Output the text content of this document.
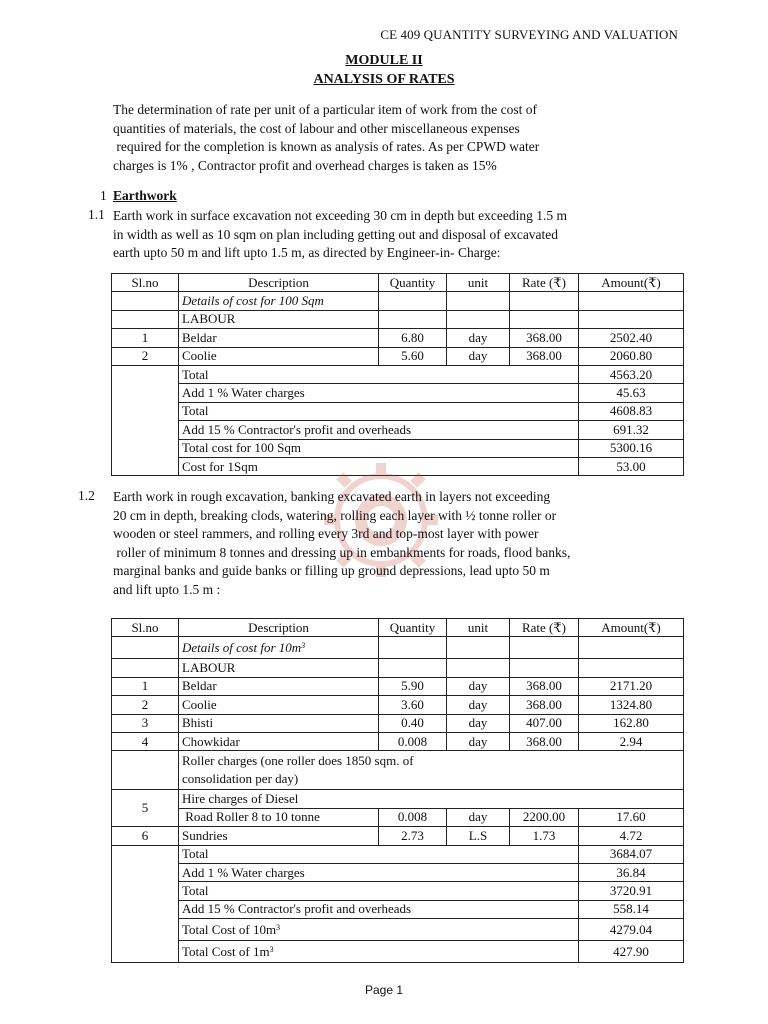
CE 409 QUANTITY SURVEYING AND VALUATION
MODULE II
ANALYSIS OF RATES
The determination of rate per unit of a particular item of work from the cost of
quantities of materials, the cost of labour and other miscellaneous expenses
required for the completion is known as analysis of rates. As per CPWD water
charges is 1% , Contractor profit and overhead charges is taken as 15%
1 Earthwork
1.1 Earth work in surface excavation not exceeding 30 cm in depth but exceeding 1.5 m
in width as well as 10 sqm on plan including getting out and disposal of excavated
earth upto 50 m and lift upto 1.5 m, as directed by Engineer-in- Charge:
Sl.no	Description	Quantity	unit	Rate (₹)	Amount(₹)
	Details of cost for 100 Sqm				
	LABOUR				
1	Beldar	6.80	day	368.00	2502.40
2	Coolie	5.60	day	368.00	2060.80
	Total				4563.20
	Add 1 % Water charges				45.63
	Total				4608.83
	Add 15 % Contractor's profit and overheads				691.32
	Total cost for 100 Sqm				5300.16
	Cost for 1Sqm				53.00
1.2 Earth work in rough excavation, banking excavated earth in layers not exceeding
20 cm in depth, breaking clods, watering, rolling each layer with ½ tonne roller or
wooden or steel rammers, and rolling every 3rd and top-most layer with power
roller of minimum 8 tonnes and dressing up in embankments for roads, flood banks,
marginal banks and guide banks or filling up ground depressions, lead upto 50 m
and lift upto 1.5 m :
Sl.no	Description	Quantity	unit	Rate (₹)	Amount(₹)
	Details of cost for $10m^3$				
	LABOUR				
1	Beldar	5.90	day	368.00	2171.20
2	Coolie	3.60	day	368.00	1324.80
3	Bhisti	0.40	day	407.00	162.80
4	Chowkidar	0.008	day	368.00	2.94
	Roller charges (one roller does 1850 sqm. of
consolidation per day)				
5	Hire charges of Diesel				
	Road Roller 8 to 10 tonne	0.008	day	2200.00	17.60
6	Sundries	2.73	L.S	1.73	4.72
	Total				3684.07
	Add 1 % Water charges				36.84
	Total				3720.91
	Add 15 % Contractor's profit and overheads				558.14
	Total Cost of $10m^3$				4279.04
	Total Cost of $1m^3$				427.90
Page 1
